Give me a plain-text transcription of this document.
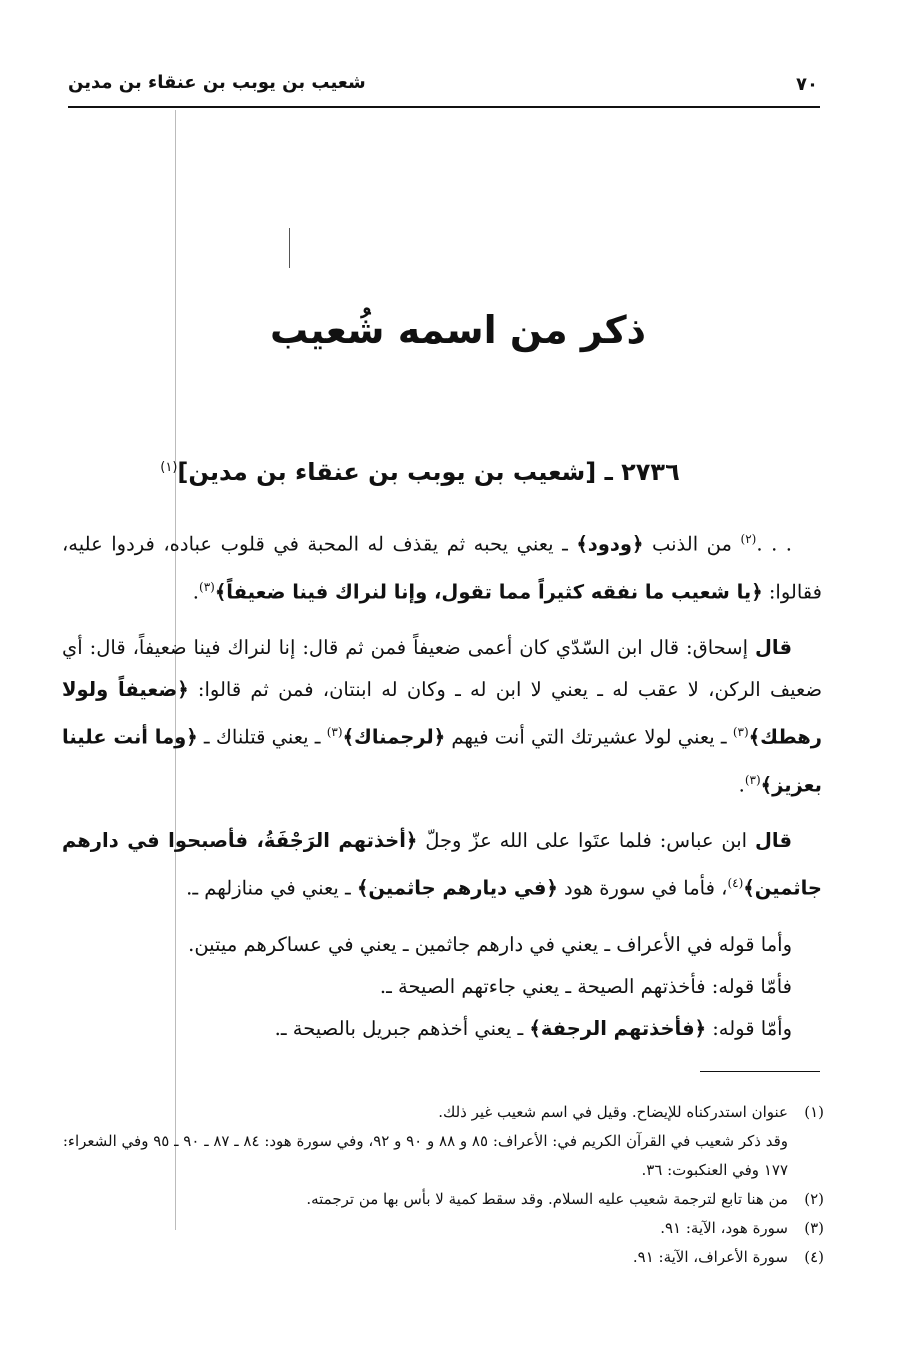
٧٠
شعيب بن يوبب بن عنقاء بن مدين
ذكر من اسمه شُعيب
٢٧٣٦ ـ [شعيب بن يوبب بن عنقاء بن مدين]$^{(١)}$

. . .$^{(٢)}$ من الذنب ﴿ودود﴾ ـ يعني يحبه ثم يقذف له المحبة في قلوب عباده، فردوا عليه، فقالوا: ﴿يا شعيب ما نفقه كثيراً مما تقول، وإنا لنراك فينا ضعيفاً﴾$^{(٣)}$.

قال إسحاق: قال ابن السّدّي كان أعمى ضعيفاً فمن ثم قال: إنا لنراك فينا ضعيفاً، قال: أي ضعيف الركن، لا عقب له ـ يعني لا ابن له ـ وكان له ابنتان، فمن ثم قالوا: ﴿ضعيفاً ولولا رهطك﴾$^{(٣)}$ ـ يعني لولا عشيرتك التي أنت فيهم ﴿لرجمناك﴾$^{(٣)}$ ـ يعني قتلناك ـ ﴿وما أنت علينا بعزيز﴾$^{(٣)}$.

قال ابن عباس: فلما عتَوا على الله عزّ وجلّ ﴿أخذتهم الرَجْفَةُ، فأصبحوا في دارهم جاثمين﴾$^{(٤)}$، فأما في سورة هود ﴿في ديارهم جاثمين﴾ ـ يعني في منازلهم ـ.

وأما قوله في الأعراف ـ يعني في دارهم جاثمين ـ يعني في عساكرهم ميتين.

فأمّا قوله: فأخذتهم الصيحة ـ يعني جاءتهم الصيحة ـ.

وأمّا قوله: ﴿فأخذتهم الرجفة﴾ ـ يعني أخذهم جبريل بالصيحة ـ.

(١)
عنوان استدركناه للإيضاح. وقيل في اسم شعيب غير ذلك.
وقد ذكر شعيب في القرآن الكريم في: الأعراف: ٨٥ و ٨٨ و ٩٠ و ٩٢، وفي سورة هود: ٨٤ ـ ٨٧ ـ ٩٠ ـ ٩٥ وفي الشعراء: ١٧٧ وفي العنكبوت: ٣٦.
(٢)
من هنا تابع لترجمة شعيب عليه السلام. وقد سقط كمية لا بأس بها من ترجمته.
(٣)
سورة هود، الآية: ٩١.
(٤)
سورة الأعراف، الآية: ٩١.
